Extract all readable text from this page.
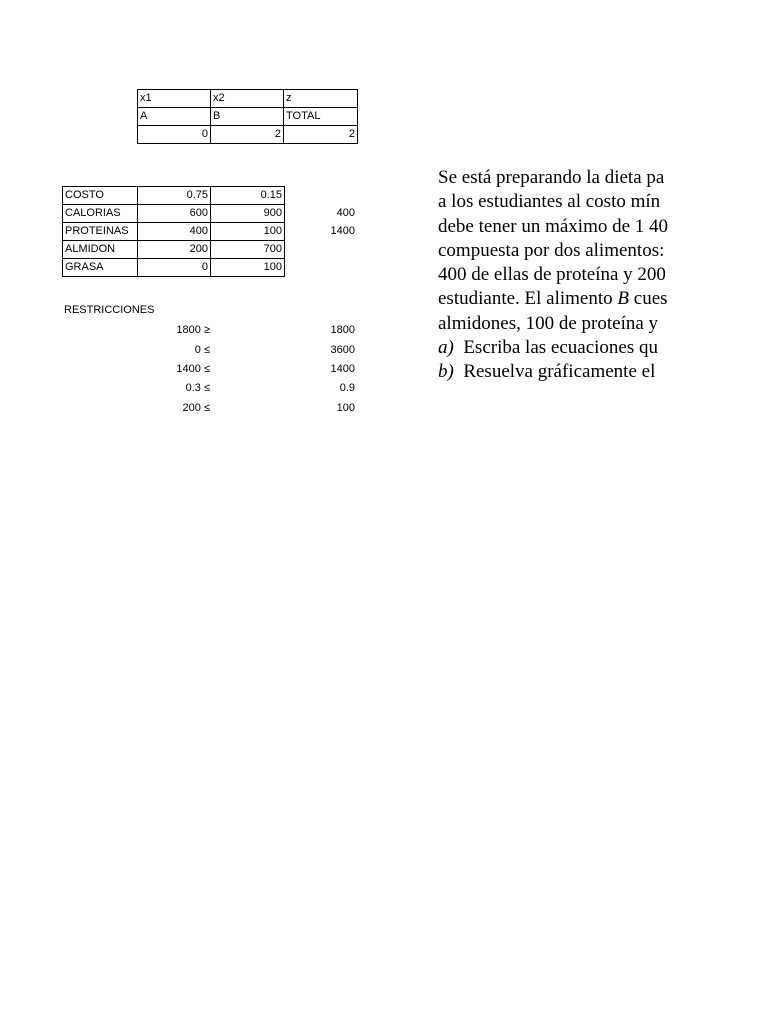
x1	x2	z
A	B	TOTAL
0	2	2
COSTO	0.75	0.15	
CALORIAS	600	900	400
PROTEINAS	400	100	1400
ALMIDON	200	700	
GRASA	0	100	
RESTRICCIONES
1800 ≥	1800
0 ≤	3600
1400 ≤	1400
0.3 ≤	0.9
200 ≤	100
Se está preparando la dieta pa
a los estudiantes al costo mín
debe tener un máximo de 1 40
compuesta por dos alimentos:
400 de ellas de proteína y 200
estudiante. El alimento B cues
almidones, 100 de proteína y
a)  Escriba las ecuaciones qu
b)  Resuelva gráficamente el
